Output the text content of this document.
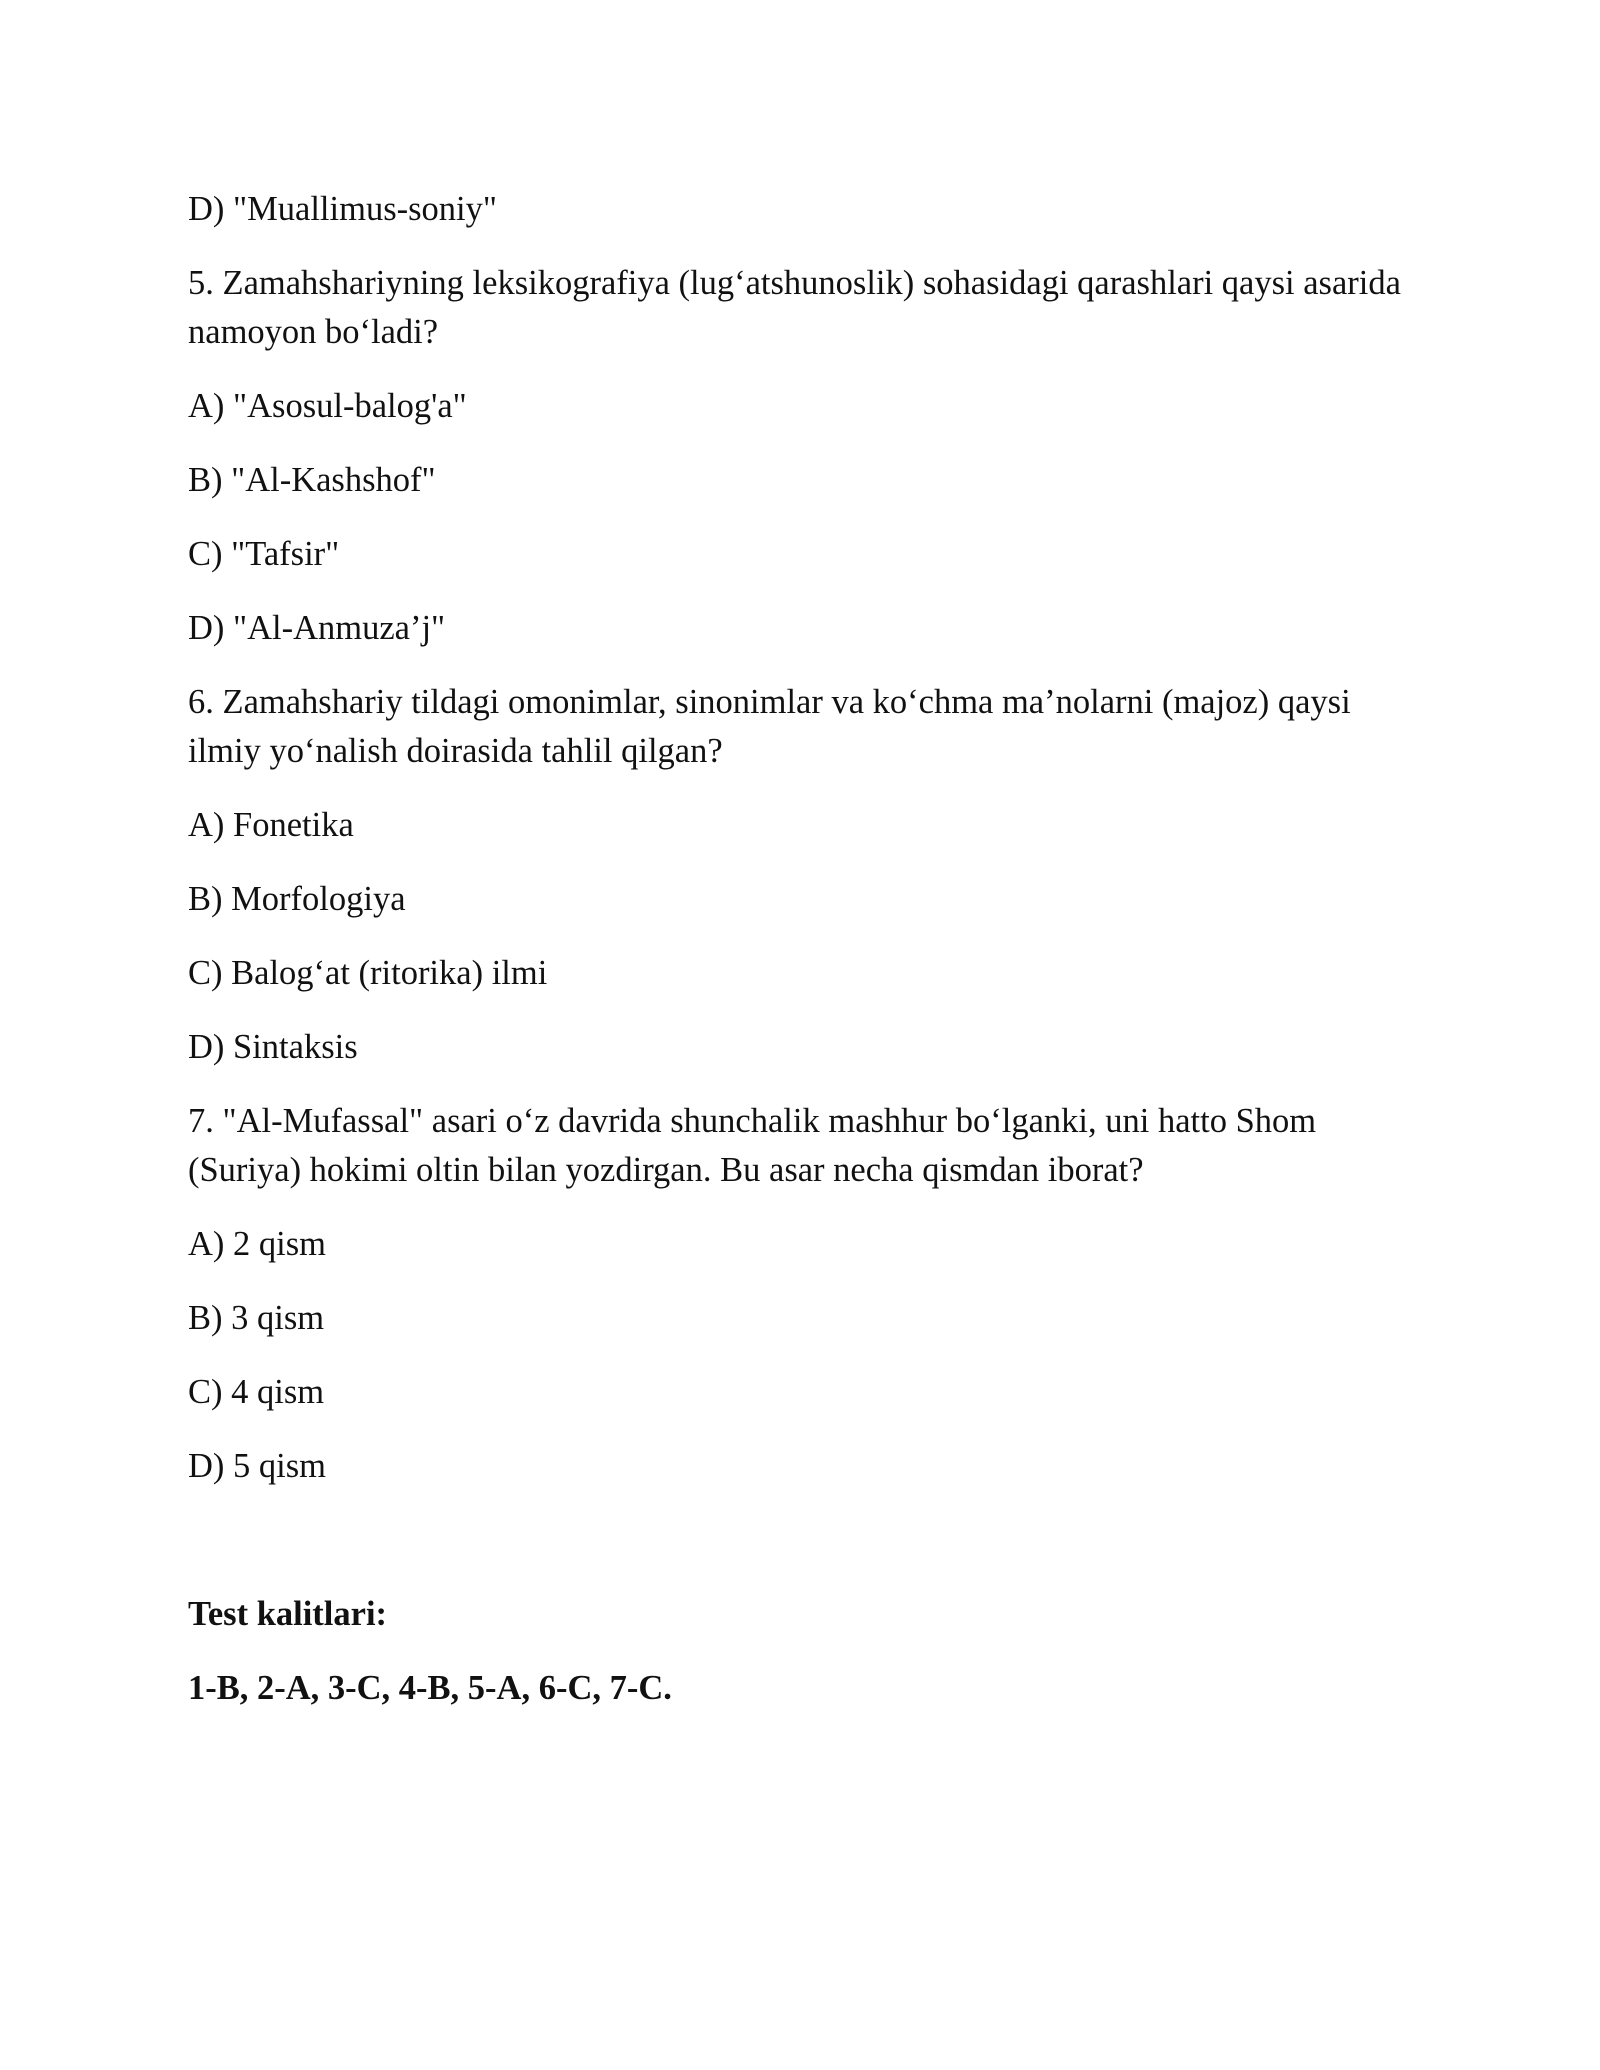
D) "Muallimus-soniy"

5. Zamahshariyning leksikografiya (lug‘atshunoslik) sohasidagi qarashlari qaysi asarida namoyon bo‘ladi?

A) "Asosul-balog'a"

B) "Al-Kashshof"

C) "Tafsir"

D) "Al-Anmuza’j"

6. Zamahshariy tildagi omonimlar, sinonimlar va ko‘chma ma’nolarni (majoz) qaysi ilmiy yo‘nalish doirasida tahlil qilgan?

A) Fonetika

B) Morfologiya

C) Balog‘at (ritorika) ilmi

D) Sintaksis

7. "Al-Mufassal" asari o‘z davrida shunchalik mashhur bo‘lganki, uni hatto Shom (Suriya) hokimi oltin bilan yozdirgan. Bu asar necha qismdan iborat?

A) 2 qism

B) 3 qism

C) 4 qism

D) 5 qism

Test kalitlari:

1-B, 2-A, 3-C, 4-B, 5-A, 6-C, 7-C.
